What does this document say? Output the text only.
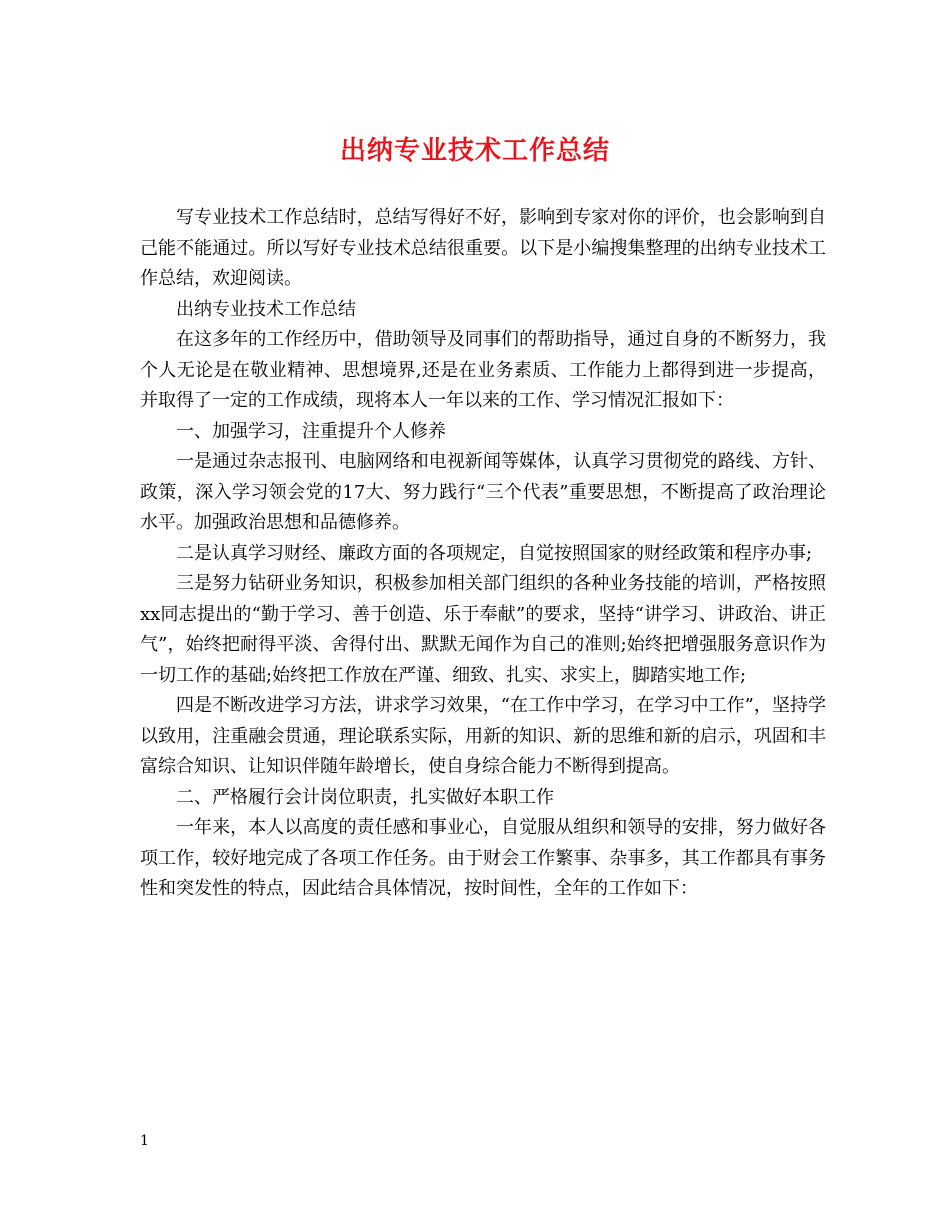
出纳专业技术工作总结

写专业技术工作总结时，总结写得好不好，影响到专家对你的评价，也会影响到自己能不能通过。所以写好专业技术总结很重要。以下是小编搜集整理的出纳专业技术工作总结，欢迎阅读。

出纳专业技术工作总结

在这多年的工作经历中，借助领导及同事们的帮助指导，通过自身的不断努力，我个人无论是在敬业精神、思想境界,还是在业务素质、工作能力上都得到进一步提高，并取得了一定的工作成绩，现将本人一年以来的工作、学习情况汇报如下：

一、加强学习，注重提升个人修养

一是通过杂志报刊、电脑网络和电视新闻等媒体，认真学习贯彻党的路线、方针、政策，深入学习领会党的17大、努力践行“三个代表”重要思想，不断提高了政治理论水平。加强政治思想和品德修养。

二是认真学习财经、廉政方面的各项规定，自觉按照国家的财经政策和程序办事;

三是努力钻研业务知识，积极参加相关部门组织的各种业务技能的培训，严格按照xx同志提出的“勤于学习、善于创造、乐于奉献”的要求，坚持“讲学习、讲政治、讲正气”，始终把耐得平淡、舍得付出、默默无闻作为自己的准则;始终把增强服务意识作为一切工作的基础;始终把工作放在严谨、细致、扎实、求实上，脚踏实地工作;

四是不断改进学习方法，讲求学习效果，“在工作中学习，在学习中工作”，坚持学以致用，注重融会贯通，理论联系实际，用新的知识、新的思维和新的启示，巩固和丰富综合知识、让知识伴随年龄增长，使自身综合能力不断得到提高。

二、严格履行会计岗位职责，扎实做好本职工作

一年来，本人以高度的责任感和事业心，自觉服从组织和领导的安排，努力做好各项工作，较好地完成了各项工作任务。由于财会工作繁事、杂事多，其工作都具有事务性和突发性的特点，因此结合具体情况，按时间性，全年的工作如下：

1
